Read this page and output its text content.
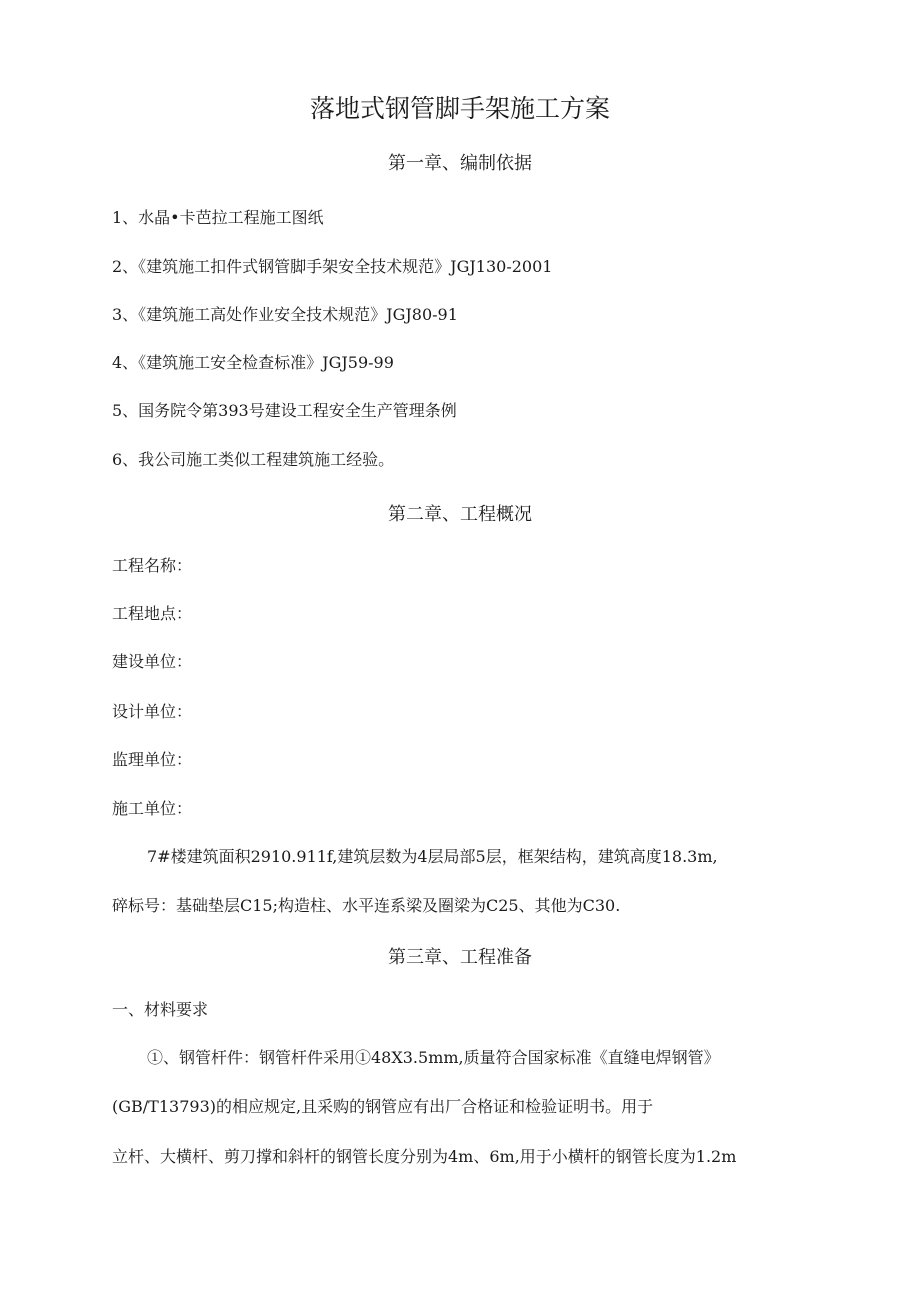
落地式钢管脚手架施工方案
第一章、编制依据
1、水晶•卡芭拉工程施工图纸
2、《建筑施工扣件式钢管脚手架安全技术规范》JGJ130-2001
3、《建筑施工高处作业安全技术规范》JGJ80-91
4、《建筑施工安全检查标准》JGJ59-99
5、国务院令第393号建设工程安全生产管理条例
6、我公司施工类似工程建筑施工经验。
第二章、工程概况
工程名称：
工程地点：
建设单位：
设计单位：
监理单位：
施工单位：
7#楼建筑面积2910.911f,建筑层数为4层局部5层，框架结构，建筑高度18.3m,
碎标号：基础垫层C15;构造柱、水平连系梁及圈梁为C25、其他为C30.
第三章、工程准备
一、材料要求
①、钢管杆件：钢管杆件采用①48X3.5mm,质量符合国家标准《直缝电焊钢管》
(GB/T13793)的相应规定,且采购的钢管应有出厂合格证和检验证明书。用于
立杆、大横杆、剪刀撑和斜杆的钢管长度分别为4m、6m,用于小横杆的钢管长度为1.2m
